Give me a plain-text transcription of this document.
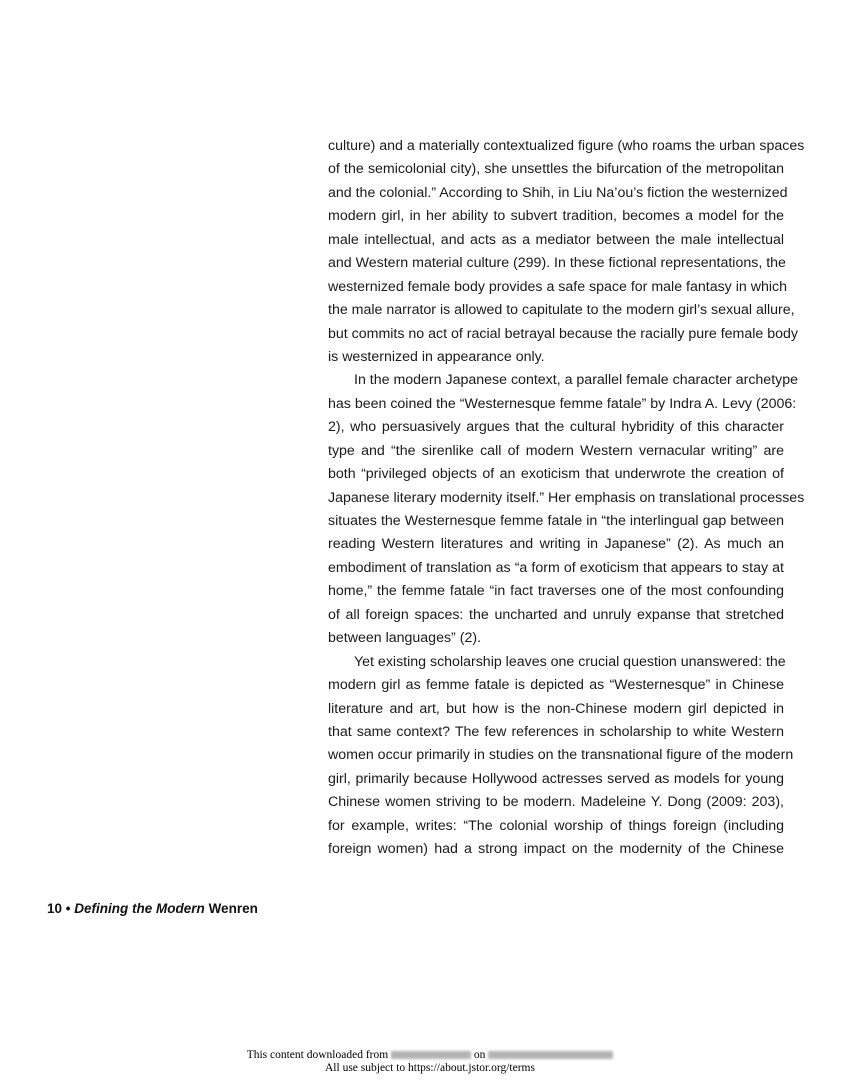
culture) and a materially contextualized figure (who roams the urban spaces
of the semicolonial city), she unsettles the bifurcation of the metropolitan
and the colonial.” According to Shih, in Liu Na’ou’s fiction the westernized
modern girl, in her ability to subvert tradition, becomes a model for the
male intellectual, and acts as a mediator between the male intellectual
and Western material culture (299). In these fictional representations, the
westernized female body provides a safe space for male fantasy in which
the male narrator is allowed to capitulate to the modern girl’s sexual allure,
but commits no act of racial betrayal because the racially pure female body
is westernized in appearance only.
In the modern Japanese context, a parallel female character archetype
has been coined the “Westernesque femme fatale” by Indra A. Levy (2006:
2), who persuasively argues that the cultural hybridity of this character
type and “the sirenlike call of modern Western vernacular writing” are
both “privileged objects of an exoticism that underwrote the creation of
Japanese literary modernity itself.” Her emphasis on translational processes
situates the Westernesque femme fatale in “the interlingual gap between
reading Western literatures and writing in Japanese” (2). As much an
embodiment of translation as “a form of exoticism that appears to stay at
home,” the femme fatale “in fact traverses one of the most confounding
of all foreign spaces: the uncharted and unruly expanse that stretched
between languages” (2).
Yet existing scholarship leaves one crucial question unanswered: the
modern girl as femme fatale is depicted as “Westernesque” in Chinese
literature and art, but how is the non-Chinese modern girl depicted in
that same context? The few references in scholarship to white Western
women occur primarily in studies on the transnational figure of the modern
girl, primarily because Hollywood actresses served as models for young
Chinese women striving to be modern. Madeleine Y. Dong (2009: 203),
for example, writes: “The colonial worship of things foreign (including
foreign women) had a strong impact on the modernity of the Chinese
10 • Defining the Modern Wenren
This content downloaded from	on
All use subject to https://about.jstor.org/terms
